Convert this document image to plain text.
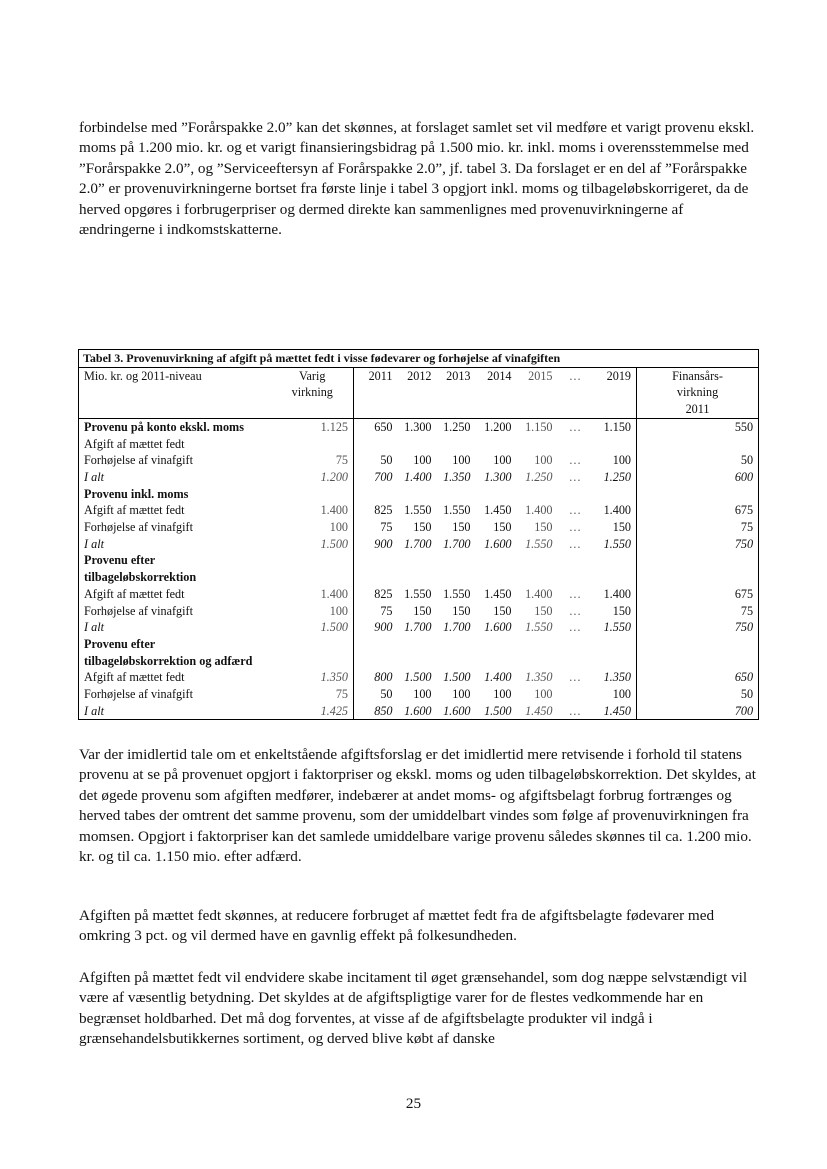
forbindelse med ”Forårspakke 2.0” kan det skønnes, at forslaget samlet set vil medføre et varigt provenu ekskl. moms på 1.200 mio. kr. og et varigt finansieringsbidrag på 1.500 mio. kr. inkl. moms i overensstemmelse med ”Forårspakke 2.0”, og ”Serviceeftersyn af Forårspakke 2.0”, jf. tabel 3. Da forslaget er en del af ”Forårspakke 2.0” er provenuvirkningerne bortset fra første linje i tabel 3 opgjort inkl. moms og tilbageløbskorrigeret, da de herved opgøres i forbrugerpriser og dermed direkte kan sammenlignes med provenuvirkningerne af ændringerne i indkomstskatterne.

Tabel 3. Provenuvirkning af afgift på mættet fedt i visse fødevarer og forhøjelse af vinafgiften									
Mio. kr. og 2011-niveau	Varig
virkning	2011	2012	2013	2014	2015	…	2019	Finansårs-
virkning
2011
Provenu på konto ekskl. moms	1.125	650	1.300	1.250	1.200	1.150	…	1.150	550
Afgift af mættet fedt									
Forhøjelse af vinafgift	75	50	100	100	100	100	…	100	50
I alt	1.200	700	1.400	1.350	1.300	1.250	…	1.250	600
Provenu inkl. moms									
Afgift af mættet fedt	1.400	825	1.550	1.550	1.450	1.400	…	1.400	675
Forhøjelse af vinafgift	100	75	150	150	150	150	…	150	75
I alt	1.500	900	1.700	1.700	1.600	1.550	…	1.550	750
Provenu efter									
tilbageløbskorrektion									
Afgift af mættet fedt	1.400	825	1.550	1.550	1.450	1.400	…	1.400	675
Forhøjelse af vinafgift	100	75	150	150	150	150	…	150	75
I alt	1.500	900	1.700	1.700	1.600	1.550	…	1.550	750
Provenu efter									
tilbageløbskorrektion og adfærd									
Afgift af mættet fedt	1.350	800	1.500	1.500	1.400	1.350	…	1.350	650
Forhøjelse af vinafgift	75	50	100	100	100	100		100	50
I alt	1.425	850	1.600	1.600	1.500	1.450	…	1.450	700

Var der imidlertid tale om et enkeltstående afgiftsforslag er det imidlertid mere retvisende i forhold til statens provenu at se på provenuet opgjort i faktorpriser og ekskl. moms og uden tilbageløbskorrektion. Det skyldes, at det øgede provenu som afgiften medfører, indebærer at andet moms- og afgiftsbelagt forbrug fortrænges og herved tabes der omtrent det samme provenu, som der umiddelbart vindes som følge af provenuvirkningen fra momsen. Opgjort i faktorpriser kan det samlede umiddelbare varige provenu således skønnes til ca. 1.200 mio. kr. og til ca. 1.150 mio. efter adfærd.

Afgiften på mættet fedt skønnes, at reducere forbruget af mættet fedt fra de afgiftsbelagte fødevarer med omkring 3 pct. og vil dermed have en gavnlig effekt på folkesundheden.

Afgiften på mættet fedt vil endvidere skabe incitament til øget grænsehandel, som dog næppe selvstændigt vil være af væsentlig betydning. Det skyldes at de afgiftspligtige varer for de flestes vedkommende har en begrænset holdbarhed. Det må dog forventes, at visse af de afgiftsbelagte produkter vil indgå i grænsehandelsbutikkernes sortiment, og derved blive købt af danske

25
